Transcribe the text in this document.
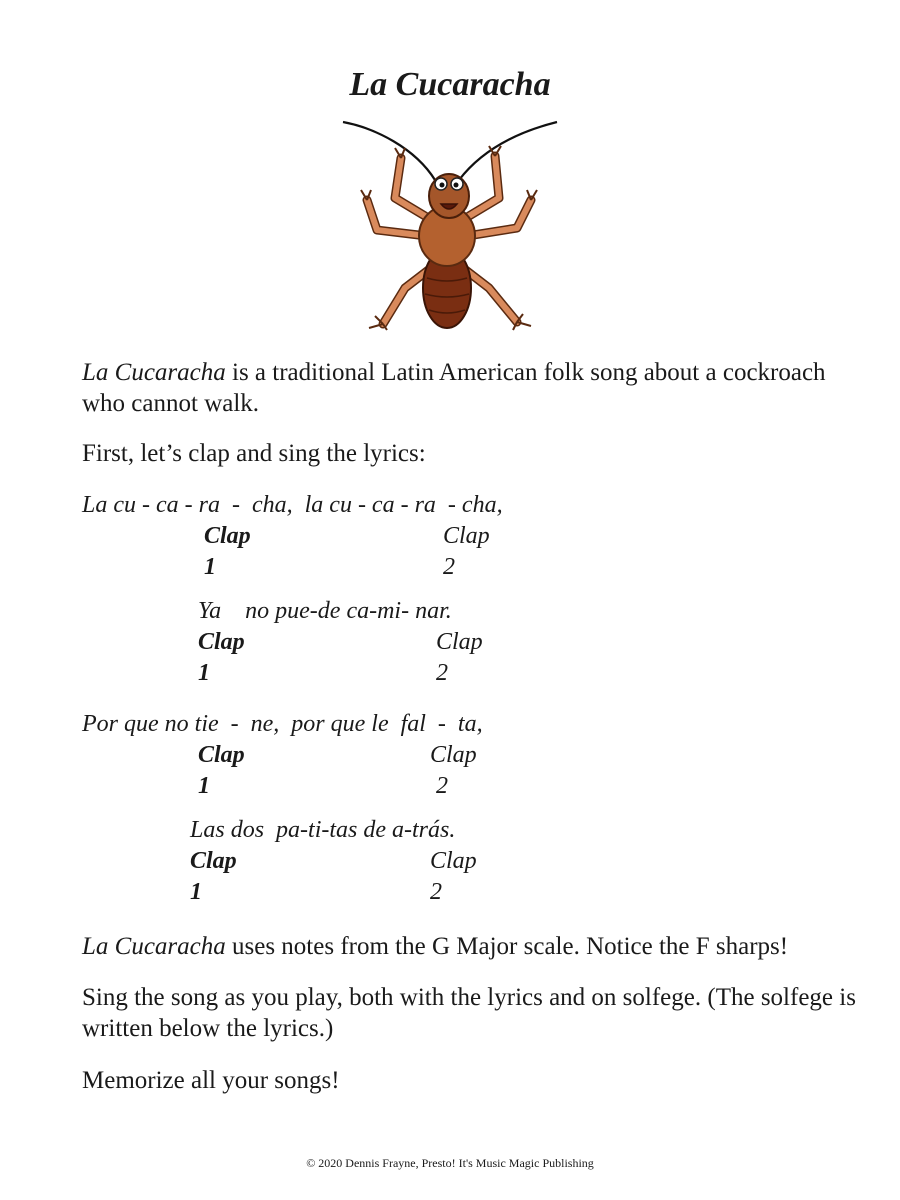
La Cucaracha

La Cucaracha is a traditional Latin American folk song about a cockroach who cannot walk.

First, let’s clap and sing the lyrics:

La cu - ca - ra  -  cha,  la cu - ca - ra  - cha,

Clap	Clap

1	2

Ya    no pue-de ca-mi- nar.

Clap	Clap

1	2

Por que no tie  -  ne,  por que le  fal  -  ta,

Clap	Clap

1	2

Las dos  pa-ti-tas de a-trás.

Clap	Clap

1	2

La Cucaracha uses notes from the G Major scale. Notice the F sharps!

Sing the song as you play, both with the lyrics and on solfege. (The solfege is written below the lyrics.)

Memorize all your songs!

© 2020 Dennis Frayne, Presto! It's Music Magic Publishing
